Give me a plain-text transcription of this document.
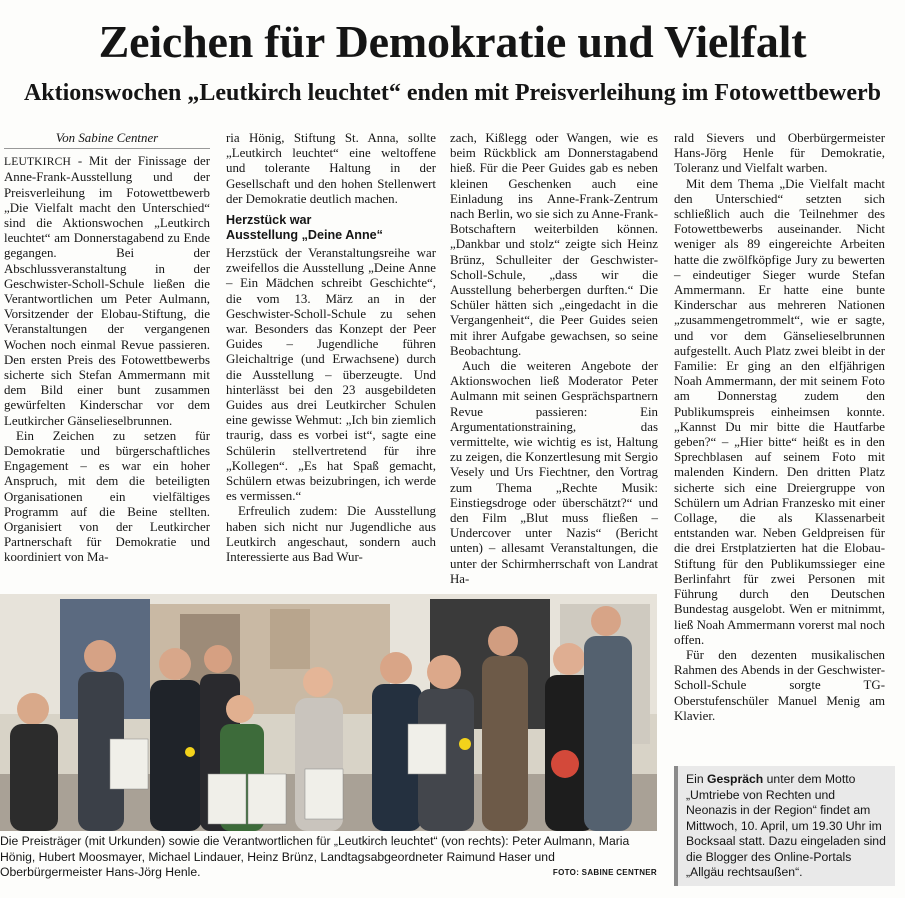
Zeichen für Demokratie und Vielfalt
Aktionswochen „Leutkirch leuchtet“ enden mit Preisverleihung im Fotowettbewerb
Von Sabine Centner

LEUTKIRCH - Mit der Finissage der Anne-Frank-Ausstellung und der Preisverleihung im Fotowettbewerb „Die Vielfalt macht den Unterschied“ sind die Aktionswochen „Leutkirch leuchtet“ am Donnerstagabend zu Ende gegangen. Bei der Abschlussveranstaltung in der Geschwister-Scholl-Schule ließen die Verantwortlichen um Peter Aulmann, Vorsitzender der Elobau-Stiftung, die Veranstaltungen der vergangenen Wochen noch einmal Revue passieren. Den ersten Preis des Fotowettbewerbs sicherte sich Stefan Ammermann mit dem Bild einer bunt zusammen gewürfelten Kinderschar vor dem Leutkircher Gänselieselbrunnen.

Ein Zeichen zu setzen für Demokratie und bürgerschaftliches Engagement – es war ein hoher Anspruch, mit dem die beteiligten Organisationen ein vielfältiges Programm auf die Beine stellten. Organisiert von der Leutkircher Partnerschaft für Demokratie und koordiniert von Ma-

ria Hönig, Stiftung St. Anna, sollte „Leutkirch leuchtet“ eine weltoffene und tolerante Haltung in der Gesellschaft und den hohen Stellenwert der Demokratie deutlich machen.

Herzstück war
Ausstellung „Deine Anne“

Herzstück der Veranstaltungsreihe war zweifellos die Ausstellung „Deine Anne – Ein Mädchen schreibt Geschichte“, die vom 13. März an in der Geschwister-Scholl-Schule zu sehen war. Besonders das Konzept der Peer Guides – Jugendliche führen Gleichaltrige (und Erwachsene) durch die Ausstellung – überzeugte. Und hinterlässt bei den 23 ausgebildeten Guides aus drei Leutkircher Schulen eine gewisse Wehmut: „Ich bin ziemlich traurig, dass es vorbei ist“, sagte eine Schülerin stellvertretend für ihre „Kollegen“. „Es hat Spaß gemacht, Schülern etwas beizubringen, ich werde es vermissen.“

Erfreulich zudem: Die Ausstellung haben sich nicht nur Jugendliche aus Leutkirch angeschaut, sondern auch Interessierte aus Bad Wur-

zach, Kißlegg oder Wangen, wie es beim Rückblick am Donnerstagabend hieß. Für die Peer Guides gab es neben kleinen Geschenken auch eine Einladung ins Anne-Frank-Zentrum nach Berlin, wo sie sich zu Anne-Frank-Botschaftern weiterbilden können. „Dankbar und stolz“ zeigte sich Heinz Brünz, Schulleiter der Geschwister-Scholl-Schule, „dass wir die Ausstellung beherbergen durften.“ Die Schüler hätten sich „eingedacht in die Vergangenheit“, die Peer Guides seien mit ihrer Aufgabe gewachsen, so seine Beobachtung.

Auch die weiteren Angebote der Aktionswochen ließ Moderator Peter Aulmann mit seinen Gesprächspartnern Revue passieren: Ein Argumentationstraining, das vermittelte, wie wichtig es ist, Haltung zu zeigen, die Konzertlesung mit Sergio Vesely und Urs Fiechtner, den Vortrag zum Thema „Rechte Musik: Einstiegsdroge oder überschätzt?“ und den Film „Blut muss fließen – Undercover unter Nazis“ (Bericht unten) – allesamt Veranstaltungen, die unter der Schirmherrschaft von Landrat Ha-

rald Sievers und Oberbürgermeister Hans-Jörg Henle für Demokratie, Toleranz und Vielfalt warben.

Mit dem Thema „Die Vielfalt macht den Unterschied“ setzten sich schließlich auch die Teilnehmer des Fotowettbewerbs auseinander. Nicht weniger als 89 eingereichte Arbeiten hatte die zwölfköpfige Jury zu bewerten – eindeutiger Sieger wurde Stefan Ammermann. Er hatte eine bunte Kinderschar aus mehreren Nationen „zusammengetrommelt“, wie er sagte, und vor dem Gänselieselbrunnen aufgestellt. Auch Platz zwei bleibt in der Familie: Er ging an den elfjährigen Noah Ammermann, der mit seinem Foto am Donnerstag zudem den Publikumspreis einheimsen konnte. „Kannst Du mir bitte die Hautfarbe geben?“ – „Hier bitte“ heißt es in den Sprechblasen auf seinem Foto mit malenden Kindern. Den dritten Platz sicherte sich eine Dreiergruppe von Schülern um Adrian Franzesko mit einer Collage, die als Klassenarbeit entstanden war. Neben Geldpreisen für die drei Erstplatzierten hat die Elobau-Stiftung für den Publikumssieger eine Berlinfahrt für zwei Personen mit Führung durch den Deutschen Bundestag ausgelobt. Wen er mitnimmt, ließ Noah Ammermann vorerst mal noch offen.

Für den dezenten musikalischen Rahmen des Abends in der Geschwister-Scholl-Schule sorgte TG-Oberstufenschüler Manuel Menig am Klavier.

Die Preisträger (mit Urkunden) sowie die Verantwortlichen für „Leutkirch leuchtet“ (von rechts): Peter Aulmann, Maria Hönig, Hubert Moosmayer, Michael Lindauer, Heinz Brünz, Landtagsabgeordneter Raimund Haser und Oberbürgermeister Hans-Jörg Henle.	FOTO: SABINE CENTNER
Ein Gespräch unter dem Motto „Umtriebe von Rechten und Neonazis in der Region“ findet am Mittwoch, 10. April, um 19.30 Uhr im Bocksaal statt. Dazu eingeladen sind die Blogger des Online-Portals „Allgäu rechtsaußen“.
